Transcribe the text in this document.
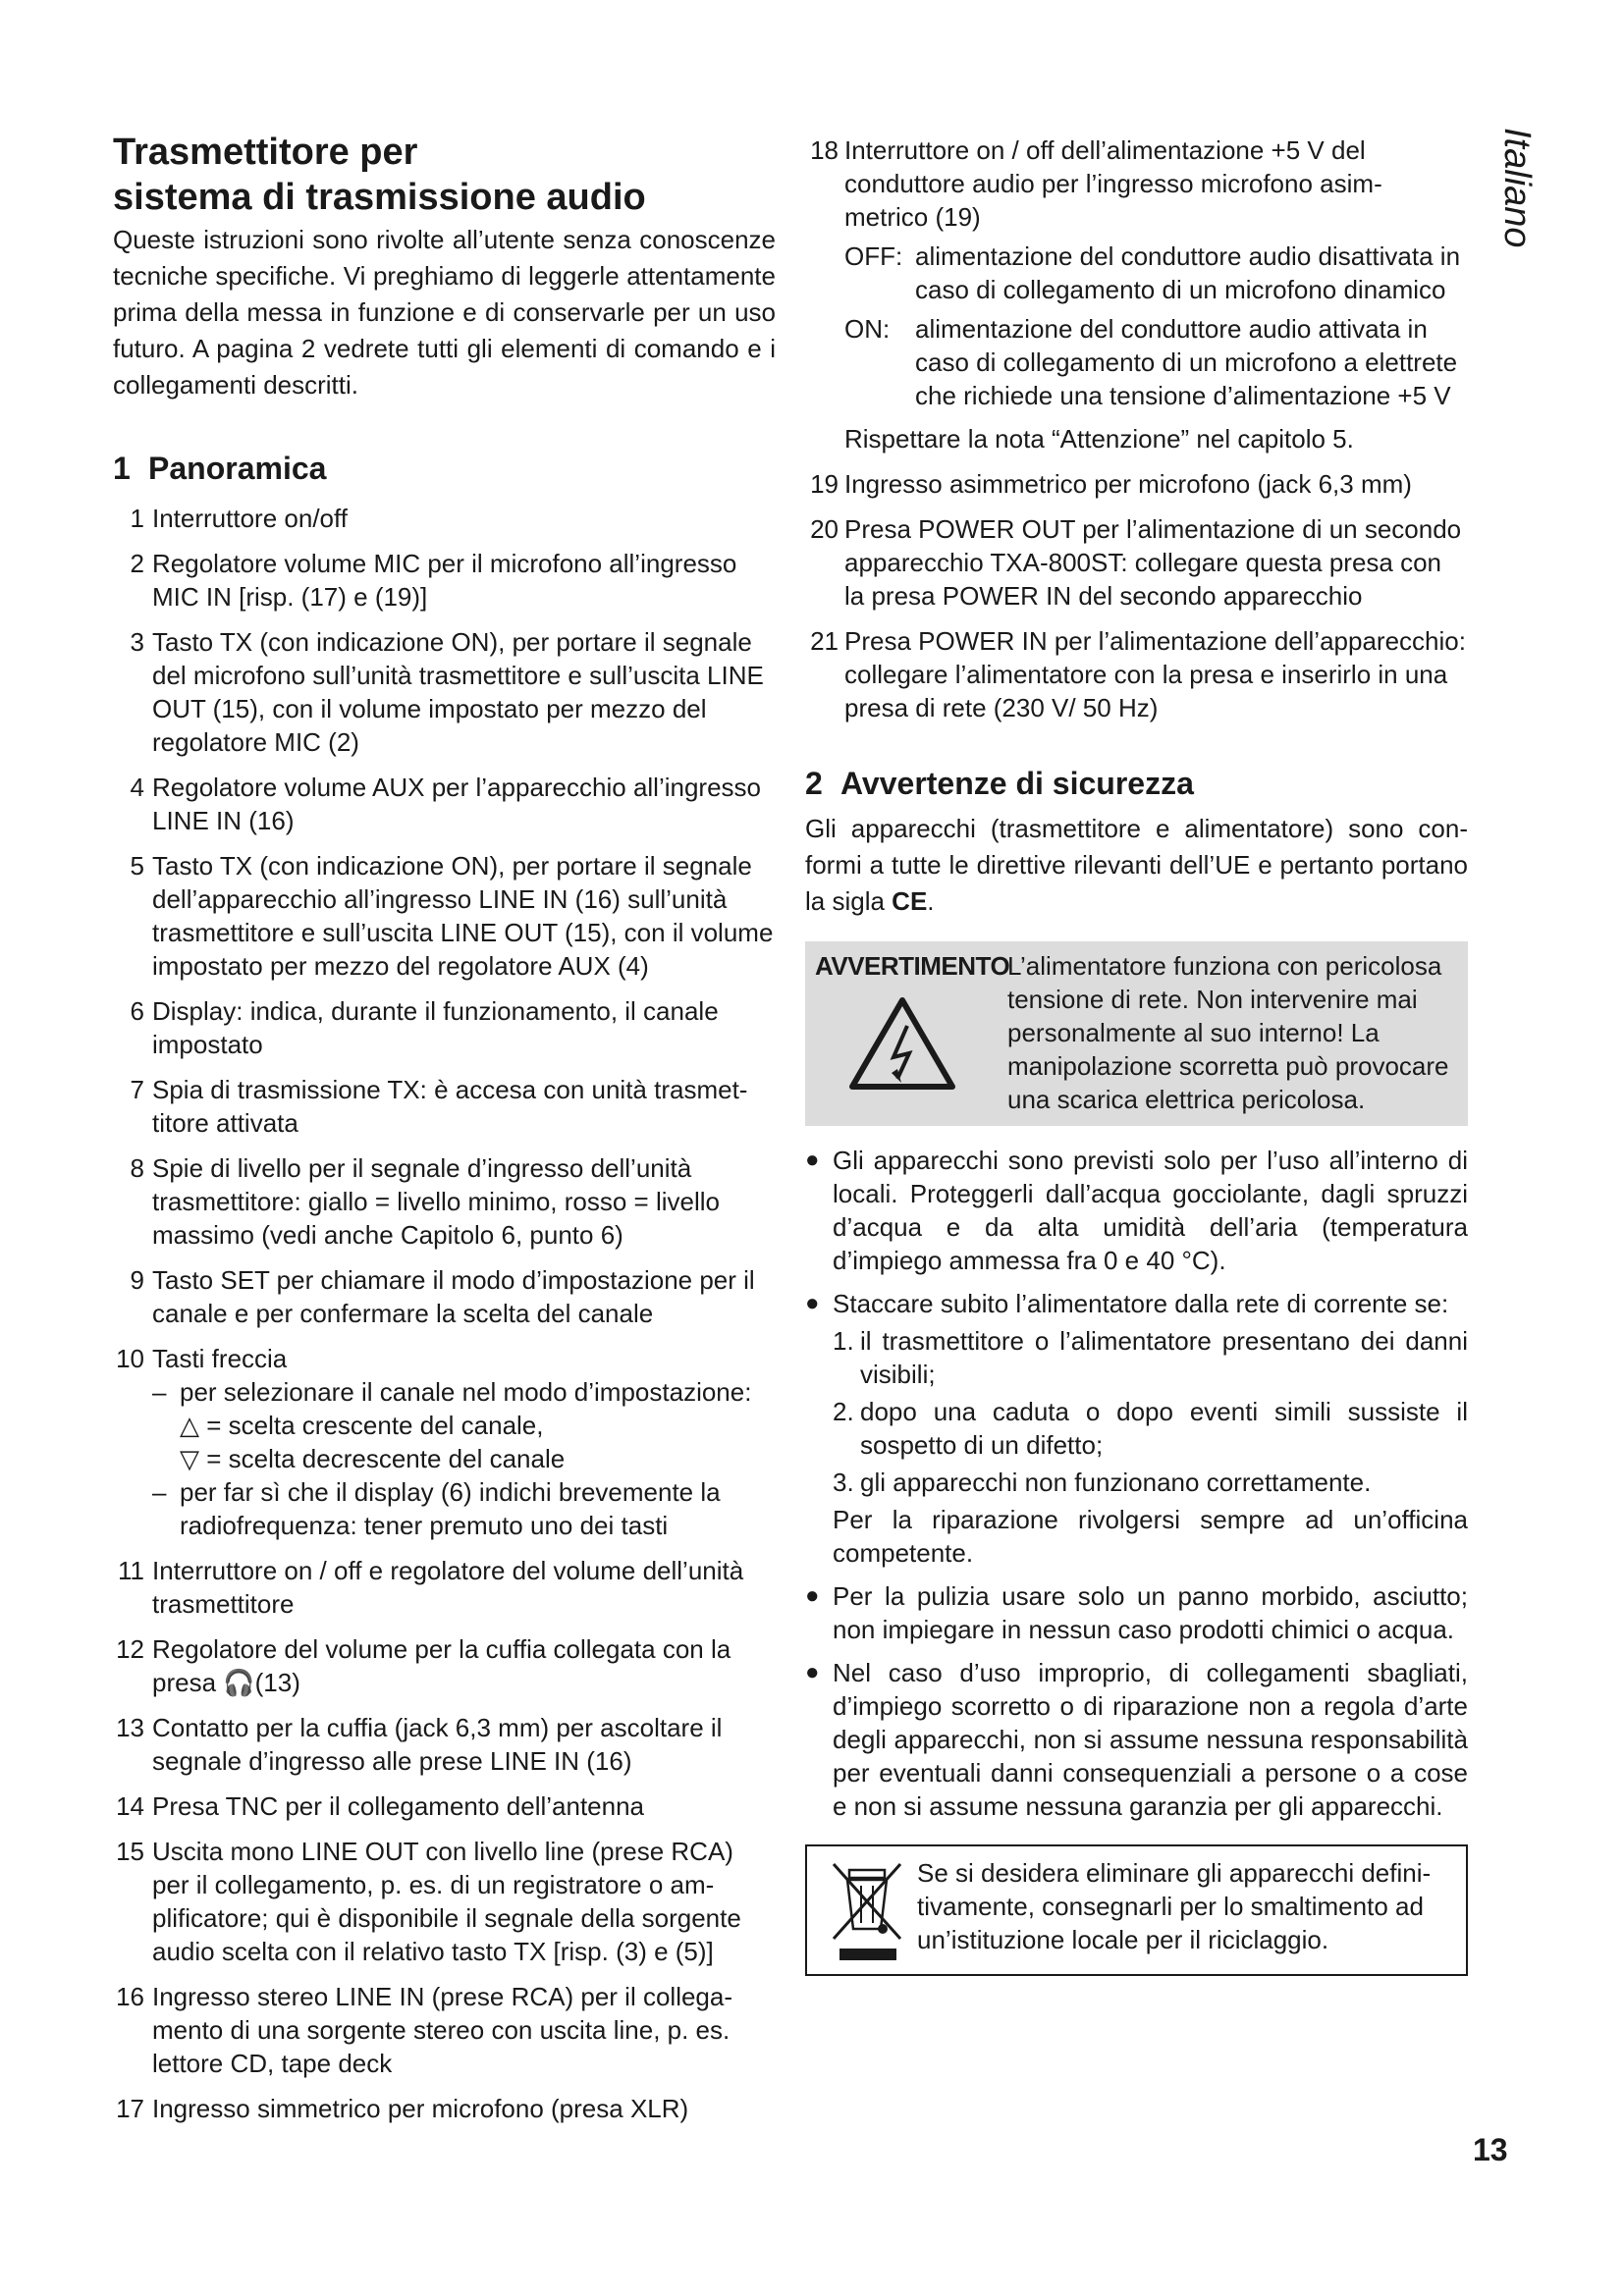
Italiano
Trasmettitore per
sistema di trasmissione audio

Queste istruzioni sono rivolte all’utente senza conoscenze tecniche specifiche. Vi preghiamo di leggerle attentamente prima della messa in funzione e di conservarle per un uso futuro. A pagina 2 vedrete tutti gli elementi di comando e i collegamenti descritti.

1 Panoramica
1 Interruttore on/off
2 Regolatore volume MIC per il microfono all’ingresso MIC IN [risp. (17) e (19)]
3 Tasto TX (con indicazione ON), per portare il segnale del microfono sull’unità trasmettitore e sull’uscita LINE OUT (15), con il volume impostato per mezzo del regolatore MIC (2)
4 Regolatore volume AUX per l’apparecchio all’ingresso LINE IN (16)
5 Tasto TX (con indicazione ON), per portare il segnale dell’apparecchio all’ingresso LINE IN (16) sull’unità trasmettitore e sull’uscita LINE OUT (15), con il volume impostato per mezzo del regolatore AUX (4)
6 Display: indica, durante il funzionamento, il canale impostato
7 Spia di trasmissione TX: è accesa con unità trasmettitore attivata
8 Spie di livello per il segnale d’ingresso dell’unità trasmettitore: giallo = livello minimo, rosso = livello massimo (vedi anche Capitolo 6, punto 6)
9 Tasto SET per chiamare il modo d’impostazione per il canale e per confermare la scelta del canale
10 Tasti freccia
– per selezionare il canale nel modo d’impostazione:
△ = scelta crescente del canale,
▽ = scelta decrescente del canale
– per far sì che il display (6) indichi brevemente la radiofrequenza: tener premuto uno dei tasti
11 Interruttore on / off e regolatore del volume dell’unità trasmettitore
12 Regolatore del volume per la cuffia collegata con la presa 🎧(13)
13 Contatto per la cuffia (jack 6,3 mm) per ascoltare il segnale d’ingresso alle prese LINE IN (16)
14 Presa TNC per il collegamento dell’antenna
15 Uscita mono LINE OUT con livello line (prese RCA) per il collegamento, p. es. di un registratore o amplificatore; qui è disponibile il segnale della sorgente audio scelta con il relativo tasto TX [risp. (3) e (5)]
16 Ingresso stereo LINE IN (prese RCA) per il collegamento di una sorgente stereo con uscita line, p. es. lettore CD, tape deck
17 Ingresso simmetrico per microfono (presa XLR)
18 Interruttore on / off dell’alimentazione +5 V del conduttore audio per l’ingresso microfono asimmetrico (19)
OFF: alimentazione del conduttore audio disattivata in caso di collegamento di un microfono dinamico
ON: alimentazione del conduttore audio attivata in caso di collegamento di un microfono a elettrete che richiede una tensione d’alimentazione +5 V
Rispettare la nota “Attenzione” nel capitolo 5.
19 Ingresso asimmetrico per microfono (jack 6,3 mm)
20 Presa POWER OUT per l’alimentazione di un secondo apparecchio TXA-800ST: collegare questa presa con la presa POWER IN del secondo apparecchio
21 Presa POWER IN per l’alimentazione dell’apparecchio: collegare l’alimentatore con la presa e inserirlo in una presa di rete (230 V/ 50 Hz)
2 Avvertenze di sicurezza

Gli apparecchi (trasmettitore e alimentatore) sono conformi a tutte le direttive rilevanti dell’UE e pertanto portano la sigla CE.

AVVERTIMENTO
L’alimentatore funziona con pericolosa tensione di rete. Non intervenire mai personalmente al suo interno! La manipolazione scorretta può provocare una scarica elettrica pericolosa.
● Gli apparecchi sono previsti solo per l’uso all’interno di locali. Proteggerli dall’acqua gocciolante, dagli spruzzi d’acqua e da alta umidità dell’aria (temperatura d’impiego ammessa fra 0 e 40 °C).
● Staccare subito l’alimentatore dalla rete di corrente se:
1. il trasmettitore o l’alimentatore presentano dei danni visibili;
2. dopo una caduta o dopo eventi simili sussiste il sospetto di un difetto;
3. gli apparecchi non funzionano correttamente.
Per la riparazione rivolgersi sempre ad un’officina competente.
● Per la pulizia usare solo un panno morbido, asciutto; non impiegare in nessun caso prodotti chimici o acqua.
● Nel caso d’uso improprio, di collegamenti sbagliati, d’impiego scorretto o di riparazione non a regola d’arte degli apparecchi, non si assume nessuna responsabilità per eventuali danni consequenziali a persone o a cose e non si assume nessuna garanzia per gli apparecchi.
Se si desidera eliminare gli apparecchi definitivamente, consegnarli per lo smaltimento ad un’istituzione locale per il riciclaggio.
13
